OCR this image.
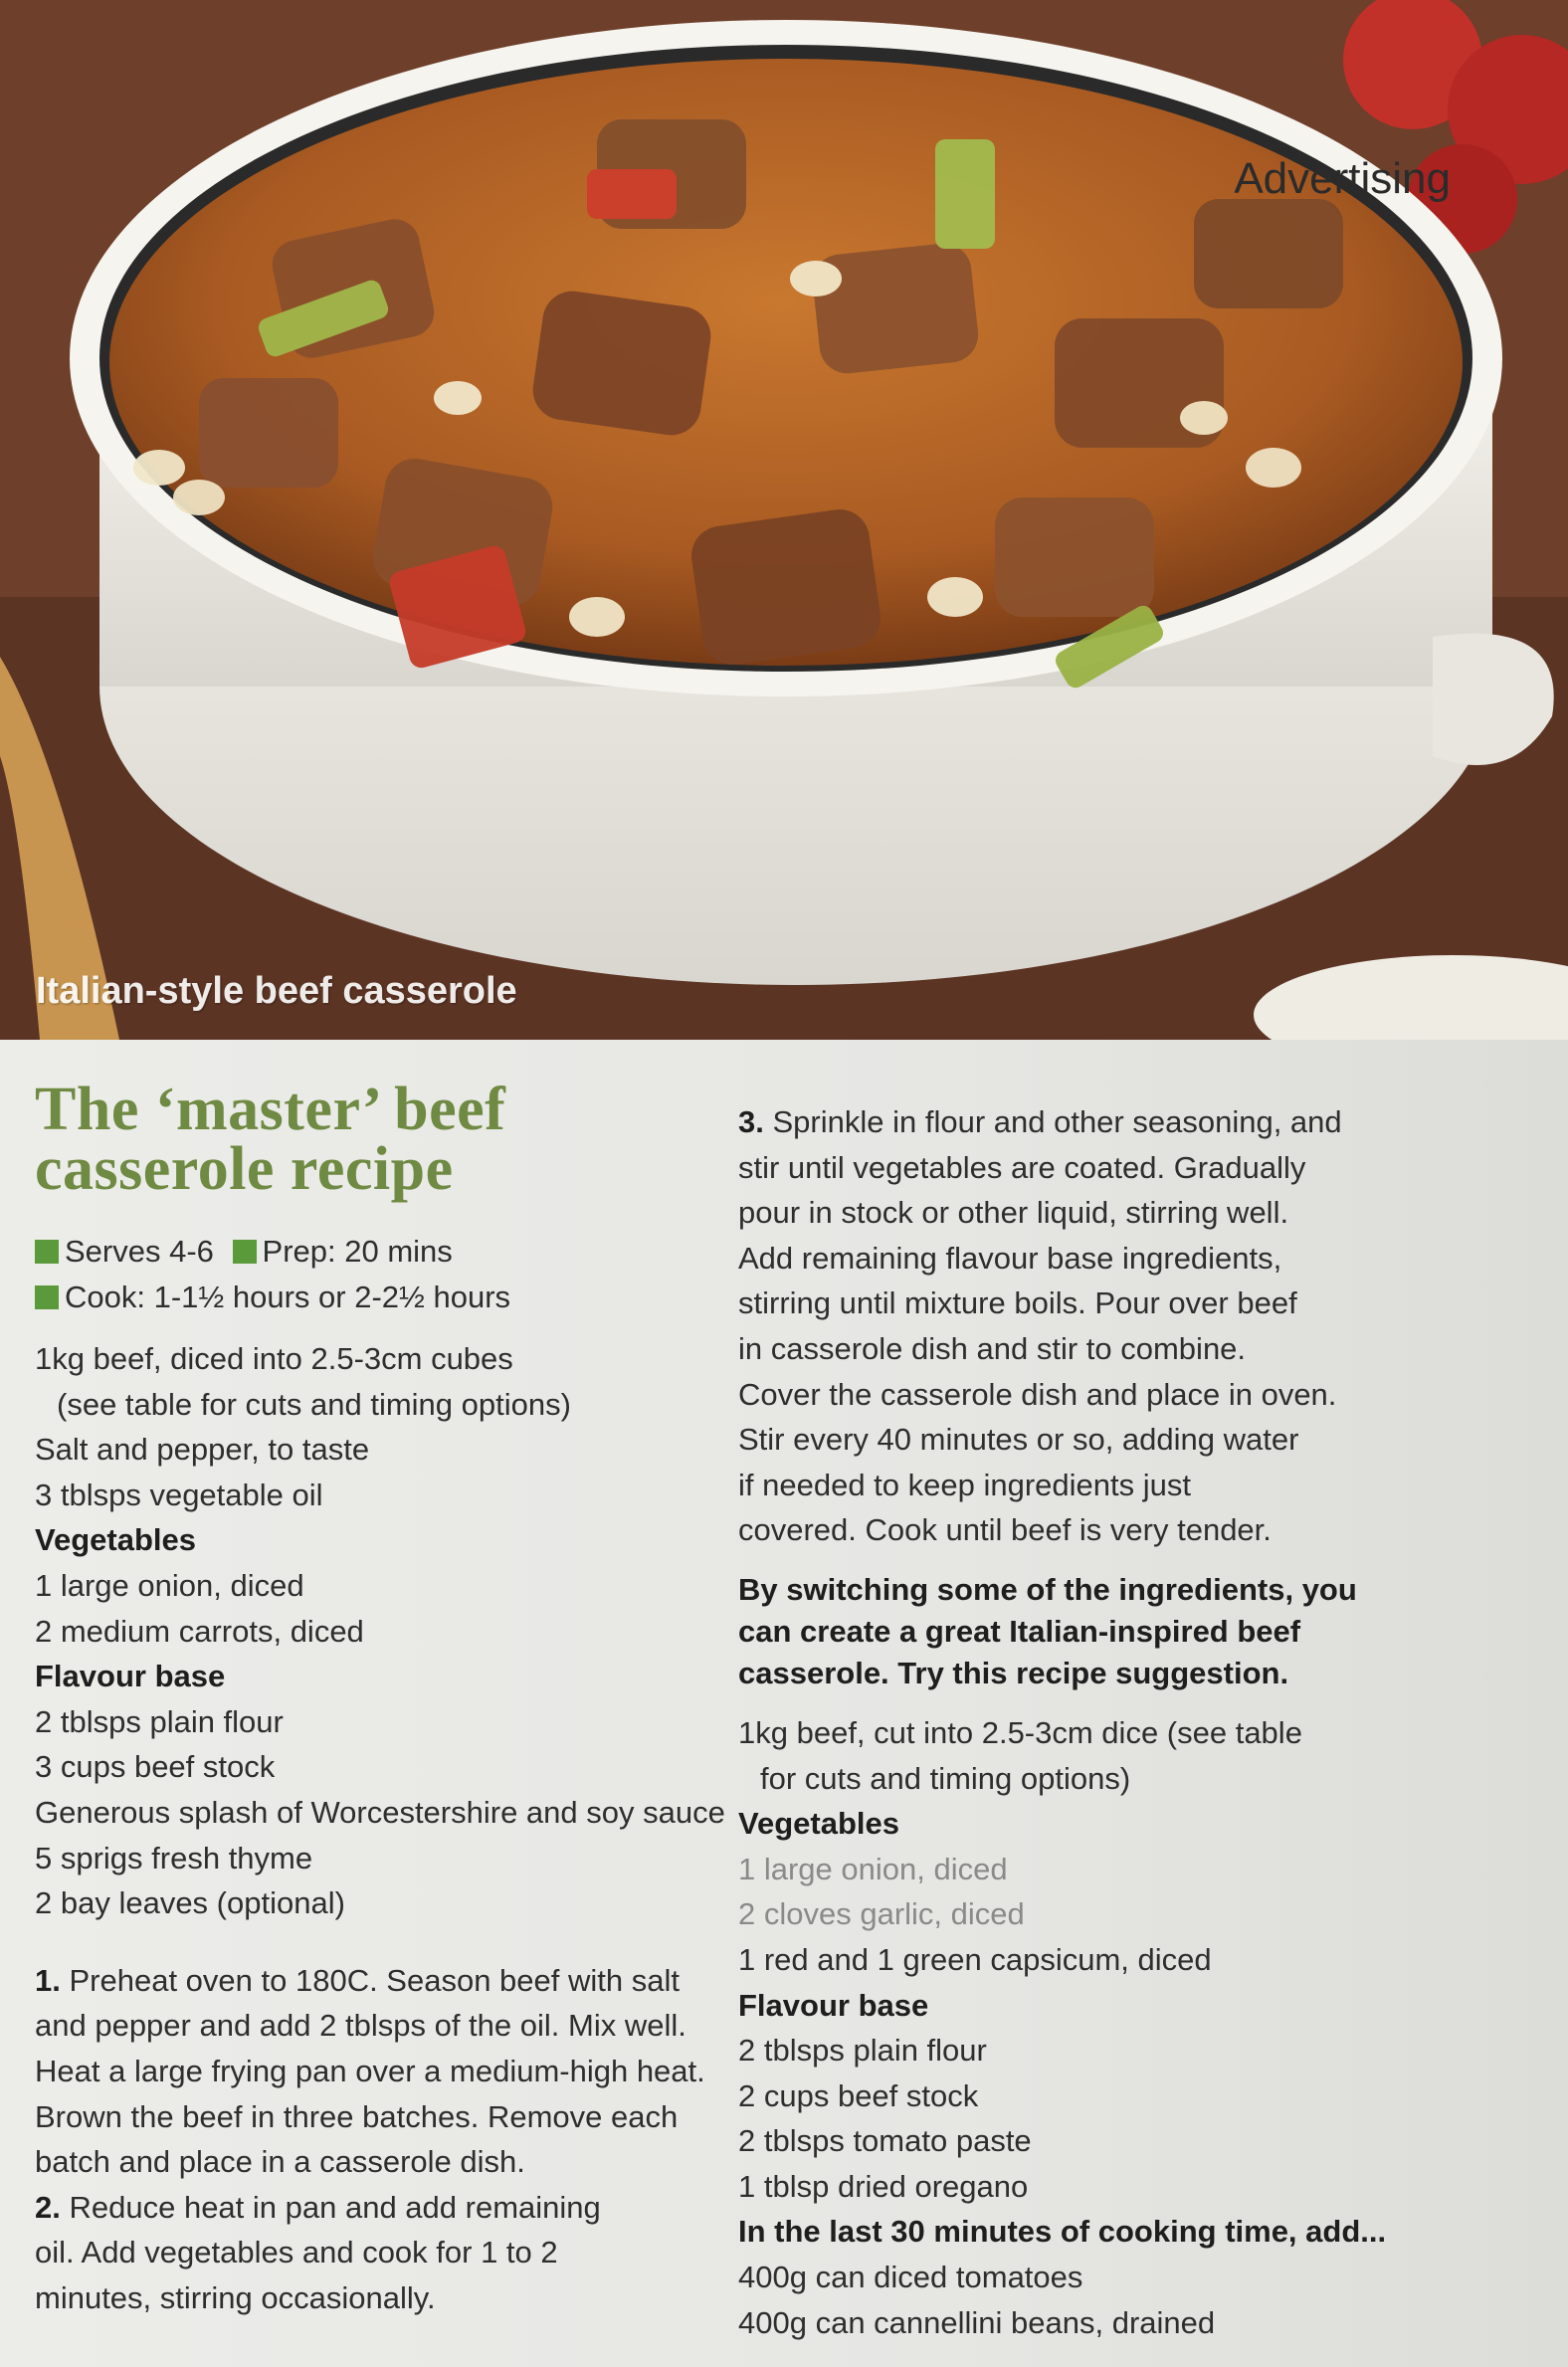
Advertising
Italian-style beef casserole
The ‘master’ beef
casserole recipe
Serves 4-6 Prep: 20 mins
Cook: 1-1½ hours or 2-2½ hours
1kg beef, diced into 2.5-3cm cubes
(see table for cuts and timing options)
Salt and pepper, to taste
3 tblsps vegetable oil
Vegetables
1 large onion, diced
2 medium carrots, diced
Flavour base
2 tblsps plain flour
3 cups beef stock
Generous splash of Worcestershire and soy sauce
5 sprigs fresh thyme
2 bay leaves (optional)
1. Preheat oven to 180C. Season beef with salt
and pepper and add 2 tblsps of the oil. Mix well.
Heat a large frying pan over a medium-high heat.
Brown the beef in three batches. Remove each
batch and place in a casserole dish.
2. Reduce heat in pan and add remaining
oil. Add vegetables and cook for 1 to 2
minutes, stirring occasionally.
3. Sprinkle in flour and other seasoning, and
stir until vegetables are coated. Gradually
pour in stock or other liquid, stirring well.
Add remaining flavour base ingredients,
stirring until mixture boils. Pour over beef
in casserole dish and stir to combine.
Cover the casserole dish and place in oven.
Stir every 40 minutes or so, adding water
if needed to keep ingredients just
covered. Cook until beef is very tender.
By switching some of the ingredients, you
can create a great Italian-inspired beef
casserole. Try this recipe suggestion.
1kg beef, cut into 2.5-3cm dice (see table
for cuts and timing options)
Vegetables
1 large onion, diced
2 cloves garlic, diced
1 red and 1 green capsicum, diced
Flavour base
2 tblsps plain flour
2 cups beef stock
2 tblsps tomato paste
1 tblsp dried oregano
In the last 30 minutes of cooking time, add...
400g can diced tomatoes
400g can cannellini beans, drained
